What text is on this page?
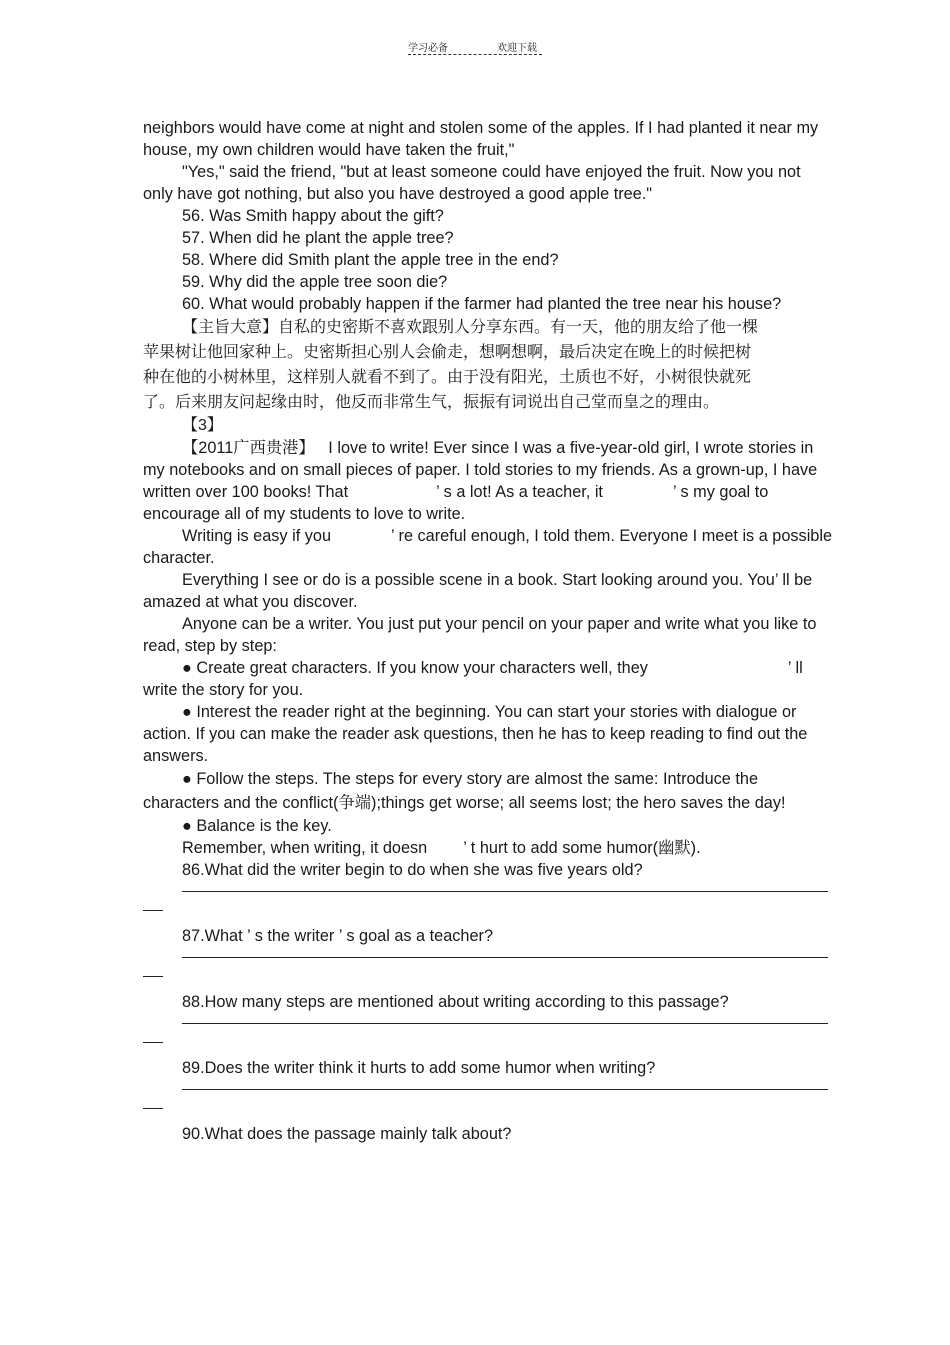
学习必备	欢迎下载

neighbors would have come at night and stolen some of the apples. If I had planted it near my house, my own children would have taken the fruit,"

"Yes," said the friend, "but at least someone could have enjoyed the fruit. Now you not only have got nothing, but also you have destroyed a good apple tree."

56. Was Smith happy about the gift?

57. When did he plant the apple tree?

58. Where did Smith plant the apple tree in the end?

59. Why did the apple tree soon die?

60. What would probably happen if the farmer had planted the tree near his house?

【主旨大意】自私的史密斯不喜欢跟别人分享东西。有一天，他的朋友给了他一棵苹果树让他回家种上。史密斯担心别人会偷走，想啊想啊，最后决定在晚上的时候把树种在他的小树林里，这样别人就看不到了。由于没有阳光，土质也不好，小树很快就死了。后来朋友问起缘由时，他反而非常生气，振振有词说出自己堂而皇之的理由。

【3】

【2011广西贵港】 I love to write! Ever since I was a five-year-old girl, I wrote stories in my notebooks and on small pieces of paper. I told stories to my friends. As a grown-up, I have written over 100 books! That	’ s a lot! As a teacher, it	’ s my goal to encourage all of my students to love to write.

Writing is easy if you	’ re careful enough, I told them. Everyone I meet is a possible character.

Everything I see or do is a possible scene in a book. Start looking around you. You’ ll be amazed at what you discover.

Anyone can be a writer. You just put your pencil on your paper and write what you like to read, step by step:

● Create great characters. If you know your characters well, they	’ ll write the story for you.

● Interest the reader right at the beginning. You can start your stories with dialogue or action. If you can make the reader ask questions, then he has to keep reading to find out the answers.

● Follow the steps. The steps for every story are almost the same: Introduce the characters and the conflict(争端);things get worse; all seems lost; the hero saves the day!

● Balance is the key.

Remember, when writing, it doesn ’ t hurt to add some humor(幽默).

86.What did the writer begin to do when she was five years old?

87.What ’ s the writer ’ s goal as a teacher?

88.How many steps are mentioned about writing according to this passage?

89.Does the writer think it hurts to add some humor when writing?

90.What does the passage mainly talk about?
